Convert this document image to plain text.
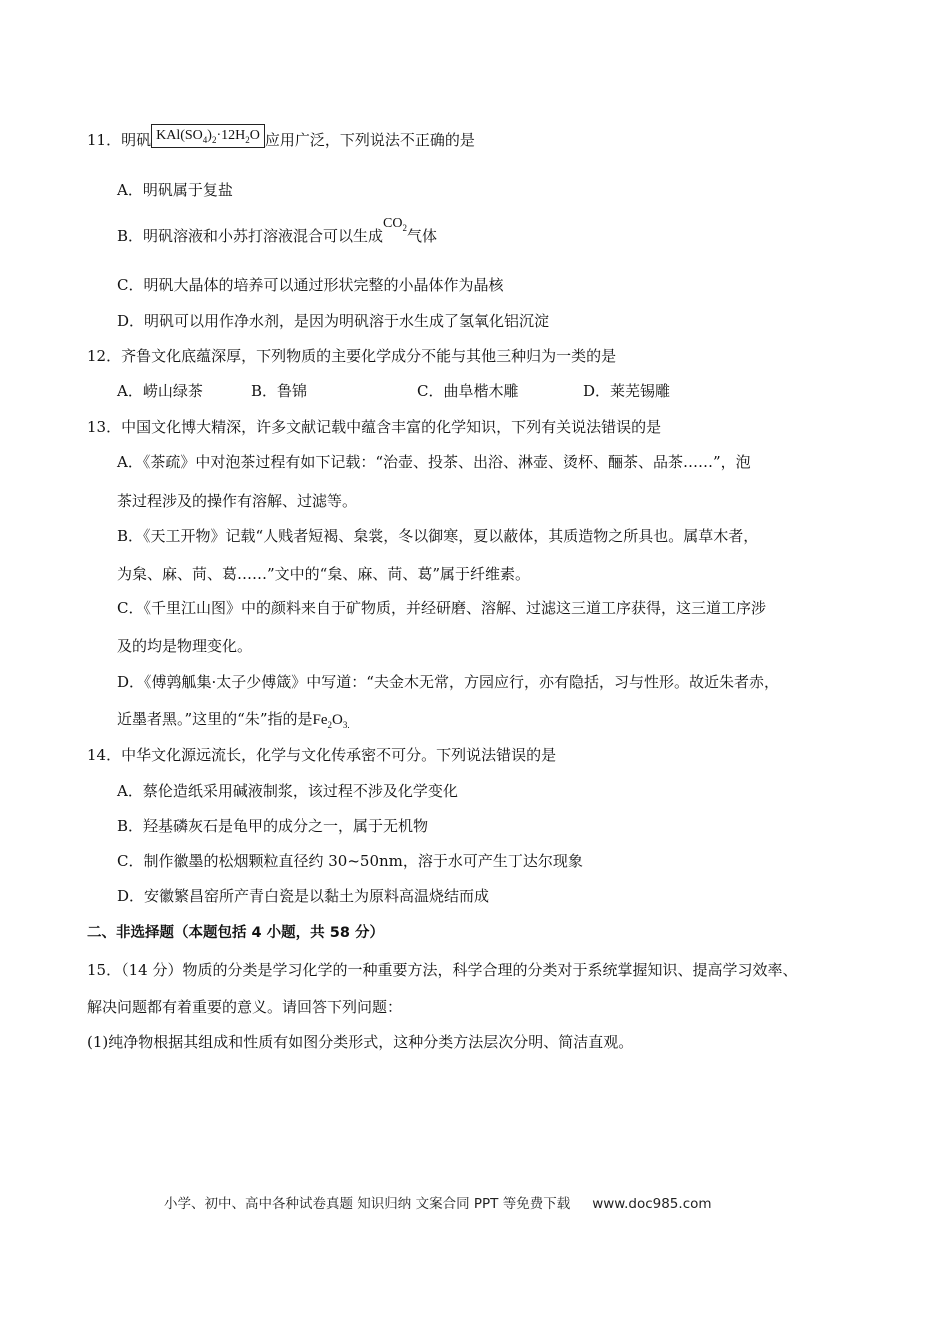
11．明矾 $KAl(SO_4)_2\cdot 12H_2O$ 应用广泛，下列说法不正确的是
A．明矾属于复盐
B．明矾溶液和小苏打溶液混合可以生成$CO_2$气体
C．明矾大晶体的培养可以通过形状完整的小晶体作为晶核
D．明矾可以用作净水剂，是因为明矾溶于水生成了氢氧化铝沉淀
12．齐鲁文化底蕴深厚，下列物质的主要化学成分不能与其他三种归为一类的是
A．崂山绿茶	B．鲁锦	C．曲阜楷木雕	D．莱芜锡雕
13．中国文化博大精深，许多文献记载中蕴含丰富的化学知识，下列有关说法错误的是
A．《茶疏》中对泡茶过程有如下记载：“治壶、投茶、出浴、淋壶、烫杯、酾茶、品茶……”，泡
茶过程涉及的操作有溶解、过滤等。
B．《天工开物》记载“人贱者短褐、枲裳，冬以御寒，夏以蔽体，其质造物之所具也。属草木者，
为枲、麻、苘、葛……”文中的“枲、麻、苘、葛”属于纤维素。
C．《千里江山图》中的颜料来自于矿物质，并经研磨、溶解、过滤这三道工序获得，这三道工序涉
及的均是物理变化。
D．《傅鹑觚集·太子少傅箴》中写道：“夫金木无常，方园应行，亦有隐括，习与性形。故近朱者赤，
近墨者黑。”这里的“朱”指的是$Fe_2O_{3.}$
14．中华文化源远流长，化学与文化传承密不可分。下列说法错误的是
A．蔡伦造纸采用碱液制浆，该过程不涉及化学变化
B．羟基磷灰石是龟甲的成分之一，属于无机物
C．制作徽墨的松烟颗粒直径约 30~50nm，溶于水可产生丁达尔现象
D．安徽繁昌窑所产青白瓷是以黏土为原料高温烧结而成
二、非选择题（本题包括 4 小题，共 58 分）
15．（14 分）物质的分类是学习化学的一种重要方法，科学合理的分类对于系统掌握知识、提高学习效率、
解决问题都有着重要的意义。请回答下列问题：
(1)纯净物根据其组成和性质有如图分类形式，这种分类方法层次分明、简洁直观。
小学、初中、高中各种试卷真题 知识归纳 文案合同 PPT 等免费下载 www.doc985.com
